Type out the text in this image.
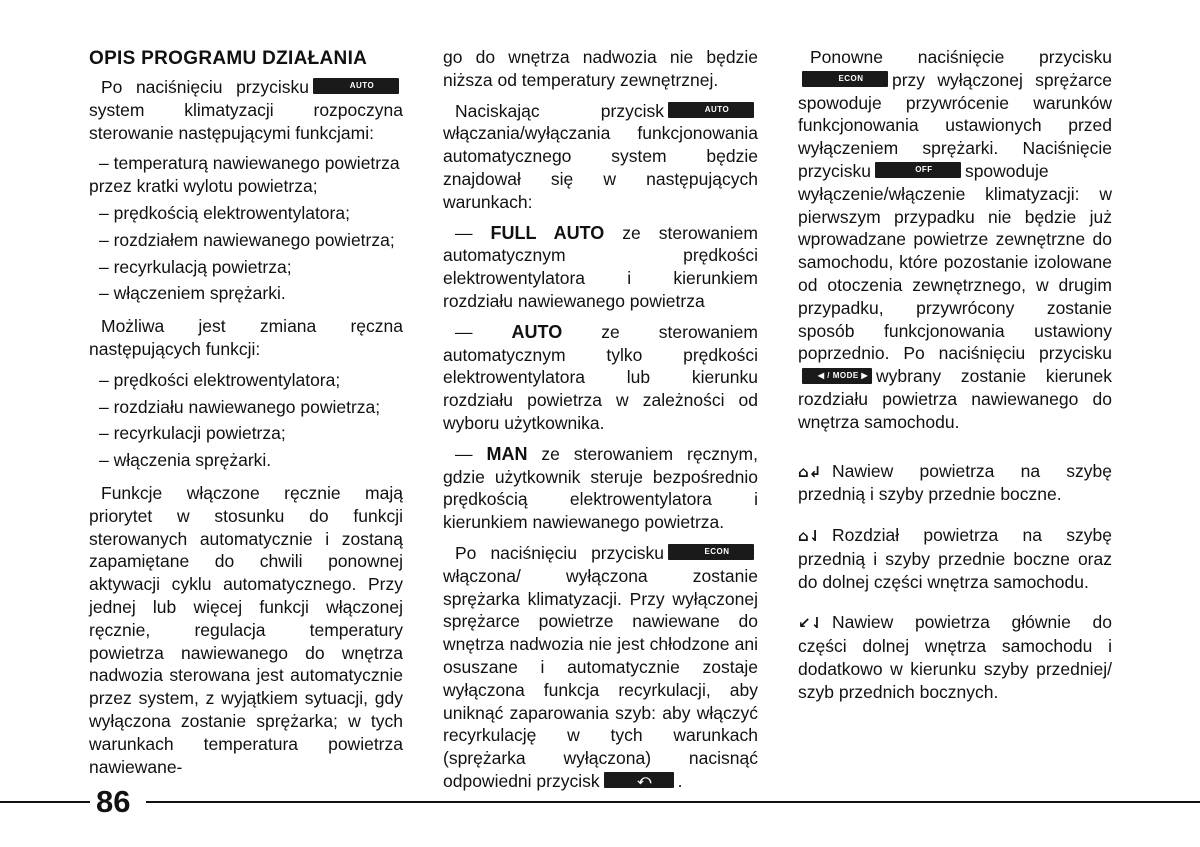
OPIS PROGRAMU DZIAŁANIA

Po naciśnięciu przycisku	AUTOsystem klimatyzacji rozpoczyna sterowanie następującymi funkcjami:

– temperaturą nawiewanego powietrza przez kratki wylotu powietrza;
– prędkością elektrowentylatora;
– rozdziałem nawiewanego powietrza;
– recyrkulacją powietrza;
– włączeniem sprężarki.

Możliwa jest zmiana ręczna następujących funkcji:

– prędkości elektrowentylatora;
– rozdziału nawiewanego powietrza;
– recyrkulacji powietrza;
– włączenia sprężarki.

Funkcje włączone ręcznie mają priorytet w stosunku do funkcji sterowanych automatycznie i zostaną zapamiętane do chwili ponownej aktywacji cyklu automatycznego. Przy jednej lub więcej funkcji włączonej ręcznie, regulacja temperatury powietrza nawiewanego do wnętrza nadwozia sterowana jest automatycznie przez system, z wyjątkiem sytuacji, gdy wyłączona zostanie sprężarka; w tych warunkach temperatura powietrza nawiewane-

go do wnętrza nadwozia nie będzie niższa od temperatury zewnętrznej.

Naciskając przycisk	AUTOwłączania/wyłączania funkcjonowania automatycznego system będzie znajdował się w następujących warunkach:

— FULL AUTO ze sterowaniem automatycznym prędkości elektrowentylatora i kierunkiem rozdziału nawiewanego powietrza

— AUTO ze sterowaniem automatycznym tylko prędkości elektrowentylatora lub kierunku rozdziału powietrza w zależności od wyboru użytkownika.

— MAN ze sterowaniem ręcznym, gdzie użytkownik steruje bezpośrednio prędkością elektrowentylatora i kierunkiem nawiewanego powietrza.

Po naciśnięciu przycisku	ECONwłączona/ wyłączona zostanie sprężarka klimatyzacji. Przy wyłączonej sprężarce powietrze nawiewane do wnętrza nadwozia nie jest chłodzone ani osuszane i automatycznie zostaje wyłączona funkcja recyrkulacji, aby uniknąć zaparowania szyb: aby włączyć recyrkulację w tych warunkach (sprężarka wyłączona) nacisnąć odpowiedni przycisk	⤺ .

Ponowne naciśnięcie przyciskuECON przy wyłączonej sprężarce spowoduje przywrócenie warunków funkcjonowania ustawionych przed wyłączeniem sprężarki. Naciśnięcie przycisku	OFF spowoduje wyłączenie/włączenie klimatyzacji: w pierwszym przypadku nie będzie już wprowadzane powietrze zewnętrzne do samochodu, które pozostanie izolowane od otoczenia zewnętrznego, w drugim przypadku, przywrócony zostanie sposób funkcjonowania ustawiony poprzednio. Po naciśnięciu przycisku◀ / MODE ▶ wybrany zostanie kierunek rozdziału powietrza nawiewanego do wnętrza samochodu.

⌂↲ Nawiew powietrza na szybę przednią i szyby przednie boczne.

⌂⇃ Rozdział powietrza na szybę przednią i szyby przednie boczne oraz do dolnej części wnętrza samochodu.

↙⇃ Nawiew powietrza głównie do części dolnej wnętrza samochodu i dodatkowo w kierunku szyby przedniej/ szyb przednich bocznych.

86
